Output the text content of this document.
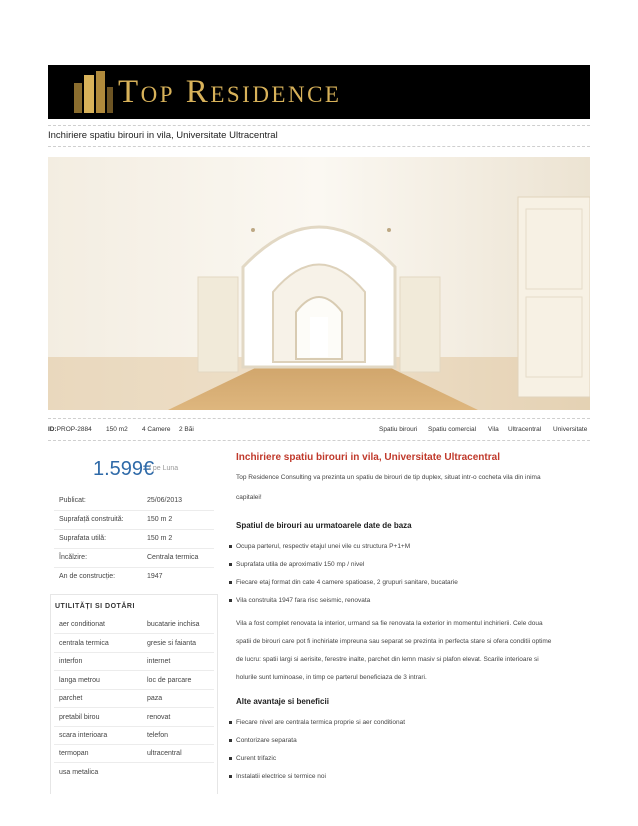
Top Residence
Inchiriere spatiu birouri in vila, Universitate Ultracentral
ID:PROP-2884 150 m2 4 Camere 2 Bãi	Spatiu birouri Spatiu comercial Vila Ultracentral Universitate
1.599€
/ pe Luna
Publicat:	25/06/2013
Suprafață construită:	150 m 2
Suprafata utilă:	150 m 2
Încălzire:	Centrala termica
An de construcție:	1947
UTILITĂȚI SI DOTĂRI
aer conditionat	bucatarie inchisa
centrala termica	gresie si faianta
interfon	internet
langa metrou	loc de parcare
parchet	paza
pretabil birou	renovat
scara interioara	telefon
termopan	ultracentral
usa metalica
Inchiriere spatiu birouri in vila, Universitate Ultracentral
Top Residence Consulting va prezinta un spatiu de birouri de tip duplex, situat intr-o cocheta vila din inima
capitalei!
Spatiul de birouri au urmatoarele date de baza
Ocupa parterul, respectiv etajul unei vile cu structura P+1+M
Suprafata utila de aproximativ 150 mp / nivel
Fiecare etaj format din cate 4 camere spatioase, 2 grupuri sanitare, bucatarie
Vila construita 1947 fara risc seismic, renovata
Vila a fost complet renovata la interior, urmand sa fie renovata la exterior in momentul inchirierii. Cele doua
spatii de birouri care pot fi inchiriate impreuna sau separat se prezinta in perfecta stare si ofera conditii optime
de lucru: spatii largi si aerisite, ferestre inalte, parchet din lemn masiv si plafon elevat. Scarile interioare si
holurile sunt luminoase, in timp ce parterul beneficiaza de 3 intrari.
Alte avantaje si beneficii
Fiecare nivel are centrala termica proprie si aer conditionat
Contorizare separata
Curent trifazic
Instalatii electrice si termice noi
